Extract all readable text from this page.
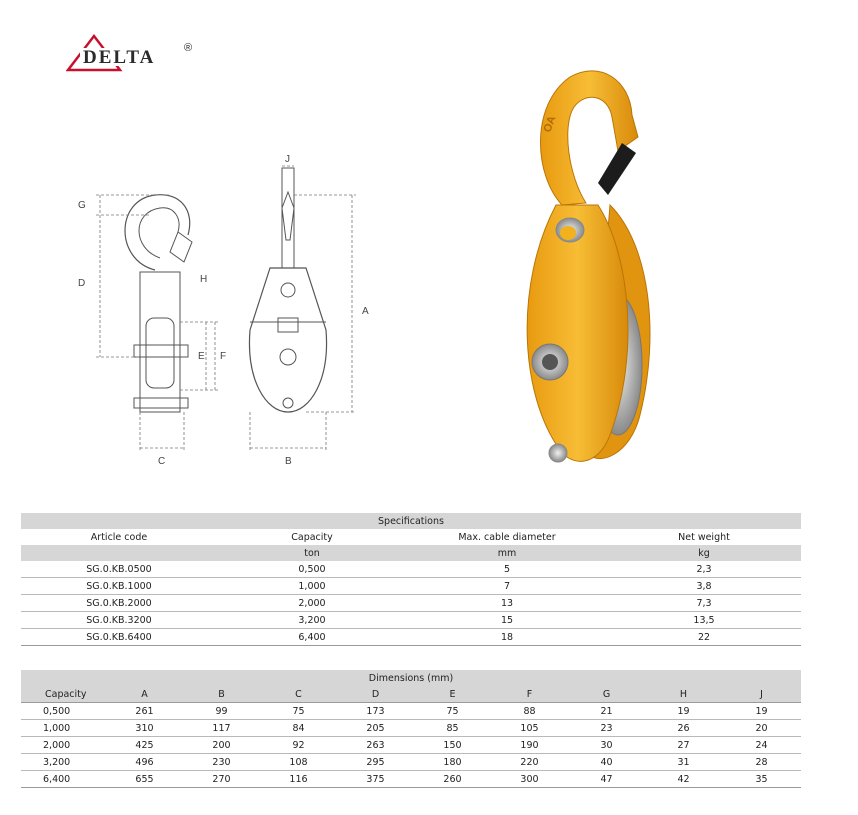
DELTA	®
G
D	H
E F
C	B
A
J
OA
Specifications			
Article code	Capacity	Max. cable diameter	Net weight
	ton	mm	kg
SG.0.KB.0500	0,500	5	2,3
SG.0.KB.1000	1,000	7	3,8
SG.0.KB.2000	2,000	13	7,3
SG.0.KB.3200	3,200	15	13,5
SG.0.KB.6400	6,400	18	22
Dimensions (mm)									
Capacity	A	B	C	D	E	F	G	H	J
0,500	261	99	75	173	75	88	21	19	19
1,000	310	117	84	205	85	105	23	26	20
2,000	425	200	92	263	150	190	30	27	24
3,200	496	230	108	295	180	220	40	31	28
6,400	655	270	116	375	260	300	47	42	35
